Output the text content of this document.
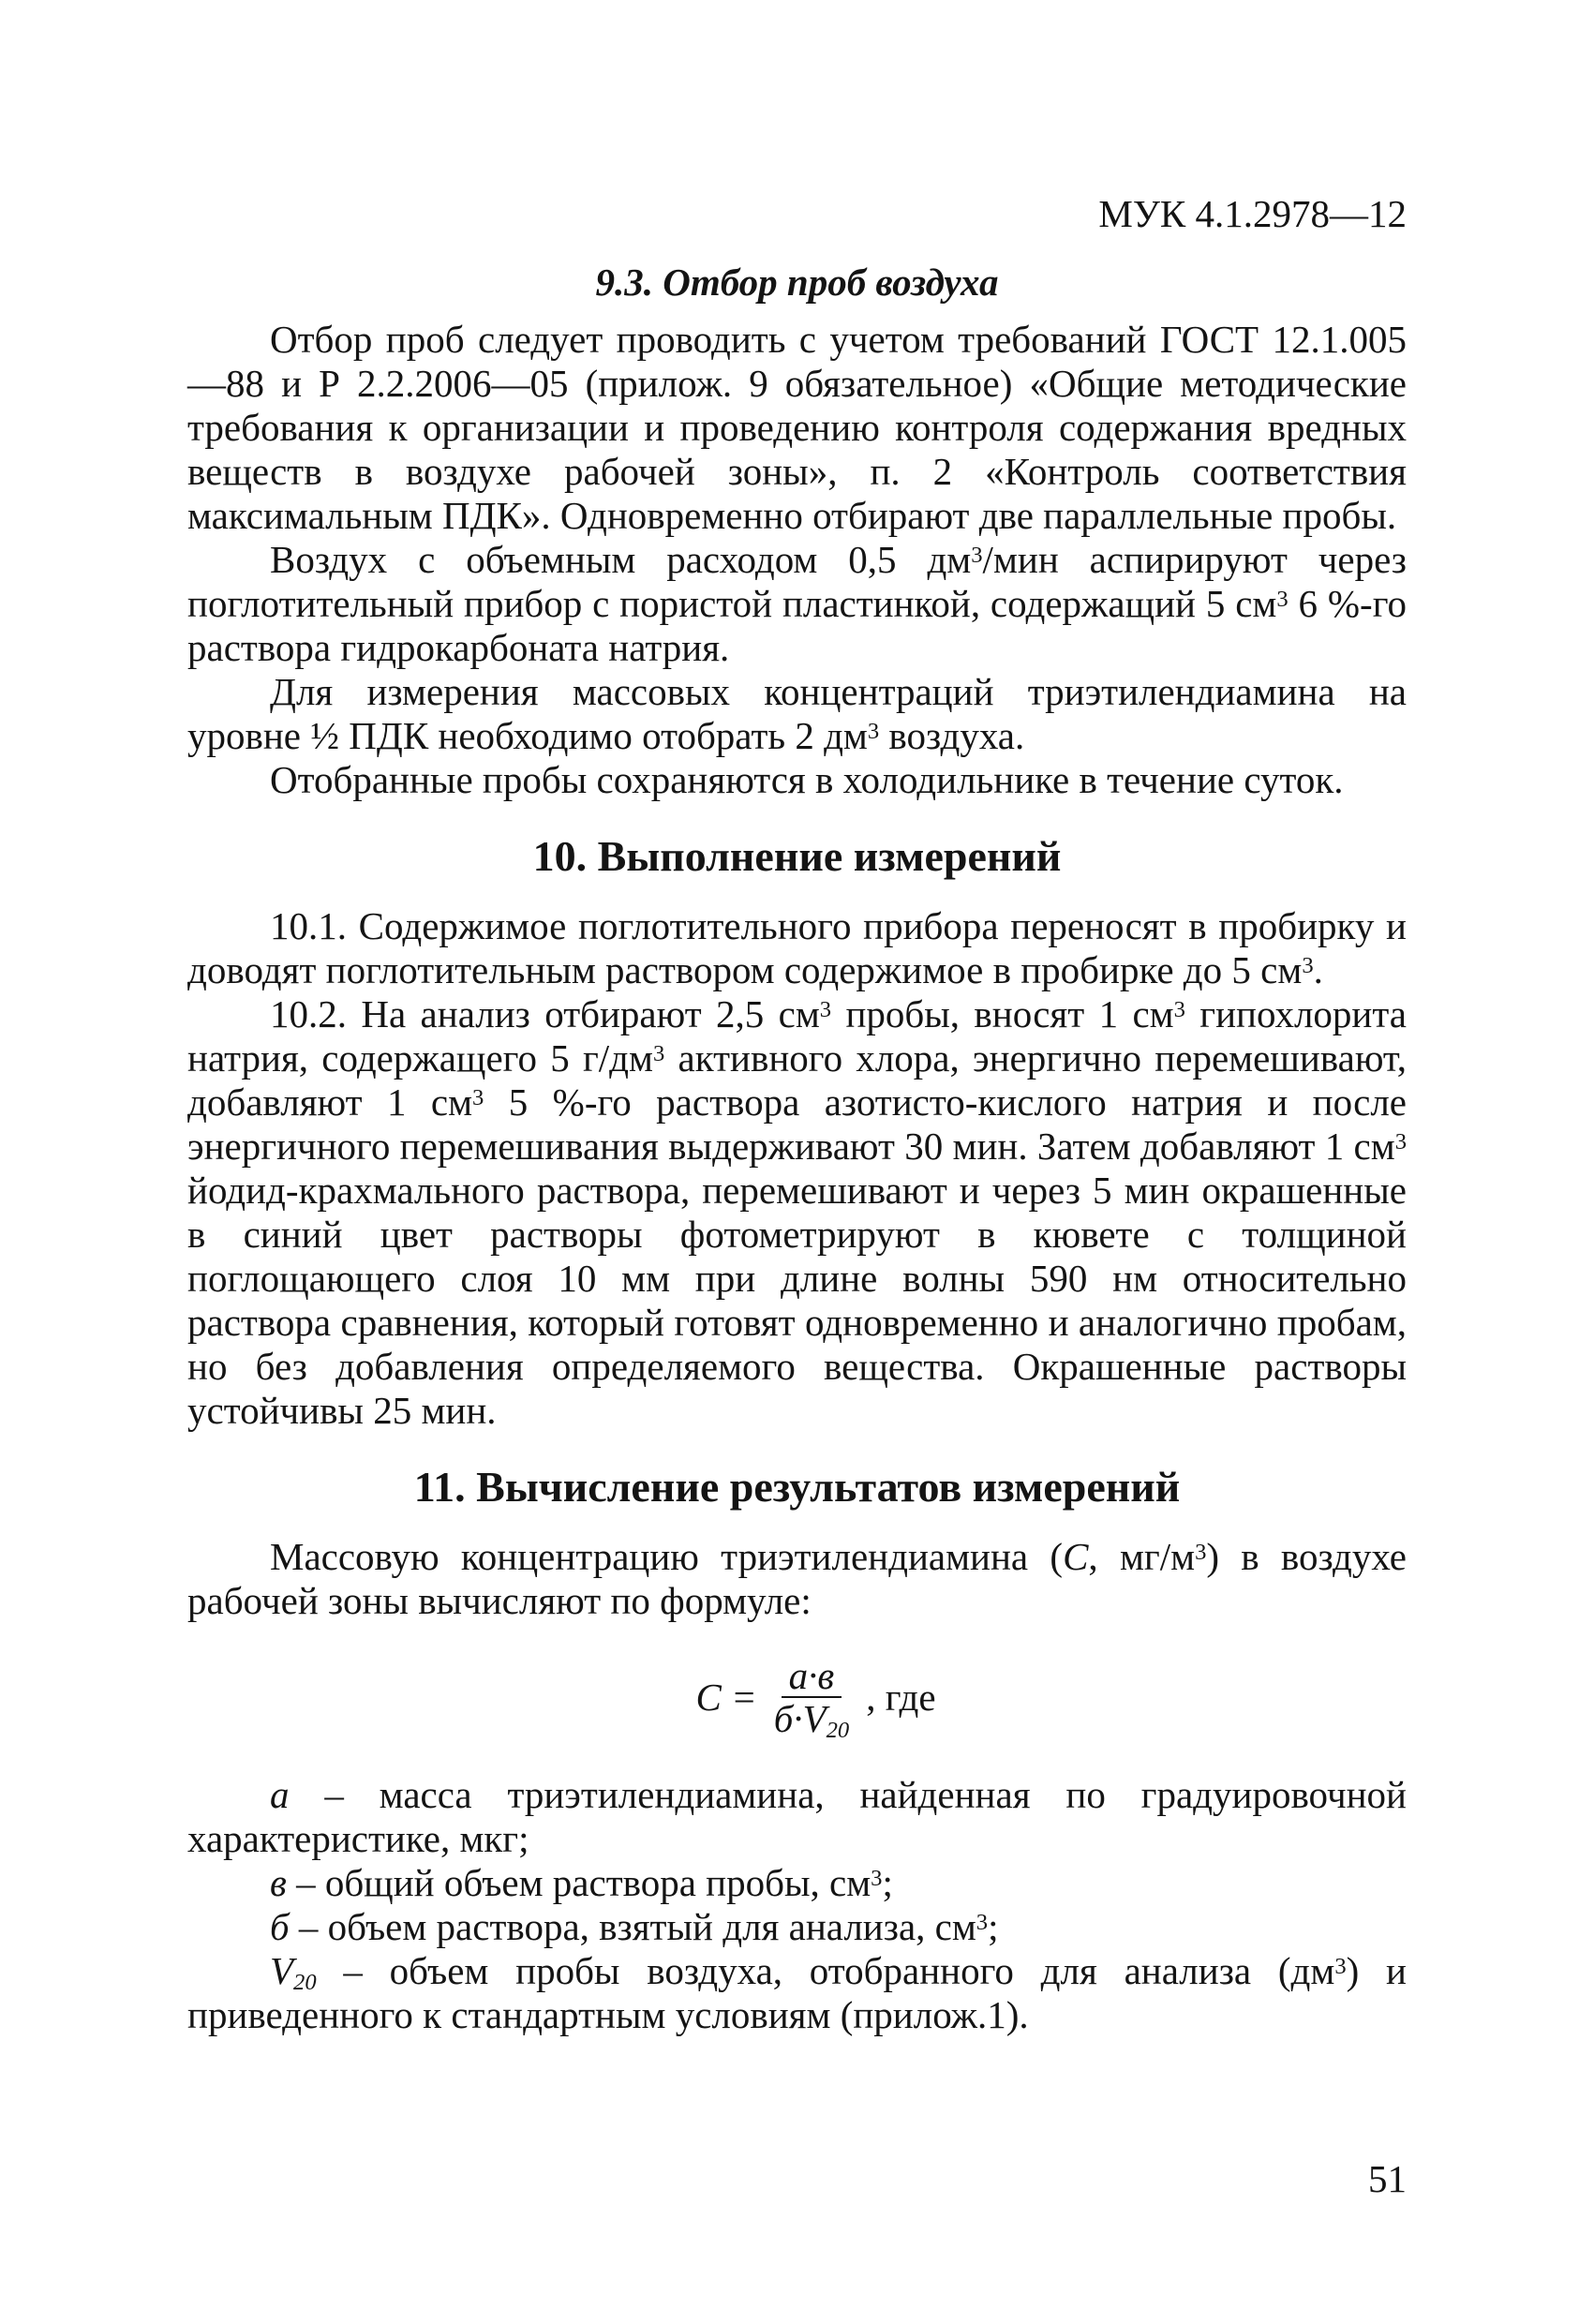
МУК 4.1.2978—12
9.3. Отбор проб воздуха

Отбор проб следует проводить с учетом требований ГОСТ 12.1.005—88 и Р 2.2.2006—05 (прилож. 9 обязательное) «Общие методические требования к организации и проведению контроля содержания вредных веществ в воздухе рабочей зоны», п. 2 «Контроль соответствия максимальным ПДК». Одновременно отбирают две параллельные пробы.

Воздух с объемным расходом 0,5 $дм^3$/мин аспирируют через поглотительный прибор с пористой пластинкой, содержащий 5 $см^3$ 6 %-го раствора гидрокарбоната натрия.

Для измерения массовых концентраций триэтилендиамина на уровне ½ ПДК необходимо отобрать 2 $дм^3$ воздуха.

Отобранные пробы сохраняются в холодильнике в течение суток.

10. Выполнение измерений

10.1. Содержимое поглотительного прибора переносят в пробирку и доводят поглотительным раствором содержимое в пробирке до 5 $см^3$.

10.2. На анализ отбирают 2,5 $см^3$ пробы, вносят 1 $см^3$ гипохлорита натрия, содержащего 5 $г/дм^3$ активного хлора, энергично перемешивают, добавляют 1 $см^3$ 5 %-го раствора азотисто-кислого натрия и после энергичного перемешивания выдерживают 30 мин. Затем добавляют 1 $см^3$ йодид-крахмального раствора, перемешивают и через 5 мин окрашенные в синий цвет растворы фотометрируют в кювете с толщиной поглощающего слоя 10 мм при длине волны 590 нм относительно раствора сравнения, который готовят одновременно и аналогично пробам, но без добавления определяемого вещества. Окрашенные растворы устойчивы 25 мин.

11. Вычисление результатов измерений

Массовую концентрацию триэтилендиамина (С, $мг/м^3$) в воздухе рабочей зоны вычисляют по формуле:

$С = \frac{а\cdot в}{б\cdot V_{20}}$ , где

а – масса триэтилендиамина, найденная по градуировочной характеристике, мкг;

в – общий объем раствора пробы, $см^3$;

б – объем раствора, взятый для анализа, $см^3$;

$V_{20}$ – объем пробы воздуха, отобранного для анализа $(дм^3)$ и приведенного к стандартным условиям (прилож.1).

51
